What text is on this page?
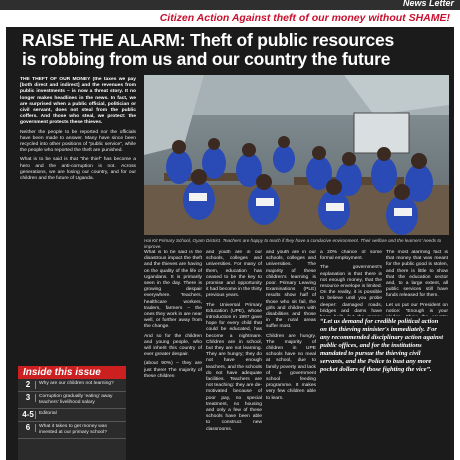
News Letter
Citizen Action Against theft of our money without SHAME!
RAISE THE ALARM: Theft of public resources
is robbing from us and our country the future

THE THEFT OF OUR MONEY (the taxes we pay [both direct and indirect] and the revenues from public investments – is now a threat story. It no longer makes headlines in the news. In fact, we are surprised when a public official, politician or civil servant, does not steal from the public coffers. And those who steal, we protect: the government protects these thieves.

Neither the people to be reported nor the officials have been made to answer. Many have since been recycled into other positions of “public service”, while the people who reported the theft are punished.

What is to be said is that “the thief” has become a hero and the anti-corruption is not. Across generations, we are losing our country, and for our children and the future of Uganda.

Hai Kit Primary School, Oyam District. Teachers are happy to teach if they have a conducive environment. Their welfare and the learners' needs to improve.

What is to be said is the disastrous impact the theft and the thieves are having on the quality of the life of Ugandans. It is primarily seen in the day. There is growing despair everywhere. Teachers, healthcare workers, traders, farmers – the ones they work in are near well, or further away from the change.

And so for the children and young people, who will inherit this country of ever greater despair.

(about 90%) – they are just there! The majority of these children

and youth are in our schools, colleges and universities. For many of them, education has ceased to be the key to promise and opportunity it had become in the thirty previous years.

The Universal Primary Education (UPE), whose introduction in 1997 gave hope for every child that could be educated, has become a nightmare. Children are in school, but they are not learning. They are hungry; they do not have enough teachers, and the schools do not have adequate facilities. Teachers are not teaching: they are de-motivated because of poor pay, no special treatment, no housing and only a few of these schools have been able to construct new classrooms.

and youth are in our schools, colleges and universities. The majority of these children’s learning is poor. Primary Leaving Examinations (PLE) results show half of those who sit fail, the girls and children with disabilities and those in the rural areas suffer most.

Children are hungry. The majority of children in UPE schools have no meal at school, due to family poverty and lack of a government school feeding programme. It makes very few children able to learn.

a 20% chance of some formal employment.

The government’s explanation is that there is not enough money, that the resource envelope is limited. On the reality, it is possible to believe until you probe deeper: damaged roads, bridges and dams have

The most alarming fact is that money that was meant for the public good is stolen, and there is little to show that the education sector and, to a large extent, all public services still have funds released for them.

Let us put our President on notice: “Enough is your

“Let us demand for credible political action on the thieving minister's immediately. For any recommended disciplinary action against public offices, and for the institutions mandated to pursue the thieving civil servants, and the Police to bust any more pocket dollars of those fighting the vice”.
Inside this issue
2	Why are our children not learning?
3	Corruption gradually ‘eating’ away teachers’ livelihood salary
4-5	Editorial
6	What it takes to get money was invested at our primary school?
